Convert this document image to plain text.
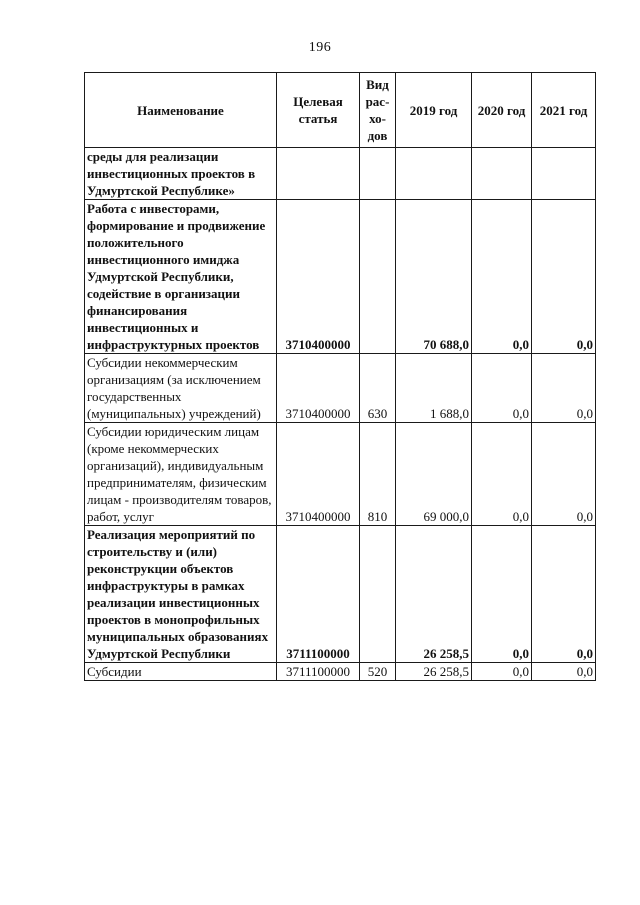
196
Наименование	Целевая статья	Вид рас-хо-дов	2019 год	2020 год	2021 год
среды для реализации инвестиционных проектов в Удмуртской Республике»					
Работа с инвесторами, формирование и продвижение положительного инвестиционного имиджа Удмуртской Республики, содействие в организации финансирования инвестиционных и инфраструктурных проектов	3710400000		70 688,0	0,0	0,0
Субсидии некоммерческим организациям (за исключением государственных (муниципальных) учреждений)	3710400000	630	1 688,0	0,0	0,0
Субсидии юридическим лицам (кроме некоммерческих организаций), индивидуальным предпринимателям, физическим лицам - производителям товаров, работ, услуг	3710400000	810	69 000,0	0,0	0,0
Реализация мероприятий по строительству и (или) реконструкции объектов инфраструктуры в рамках реализации инвестиционных проектов в монопрофильных муниципальных образованиях Удмуртской Республики	3711100000		26 258,5	0,0	0,0
Субсидии	3711100000	520	26 258,5	0,0	0,0
